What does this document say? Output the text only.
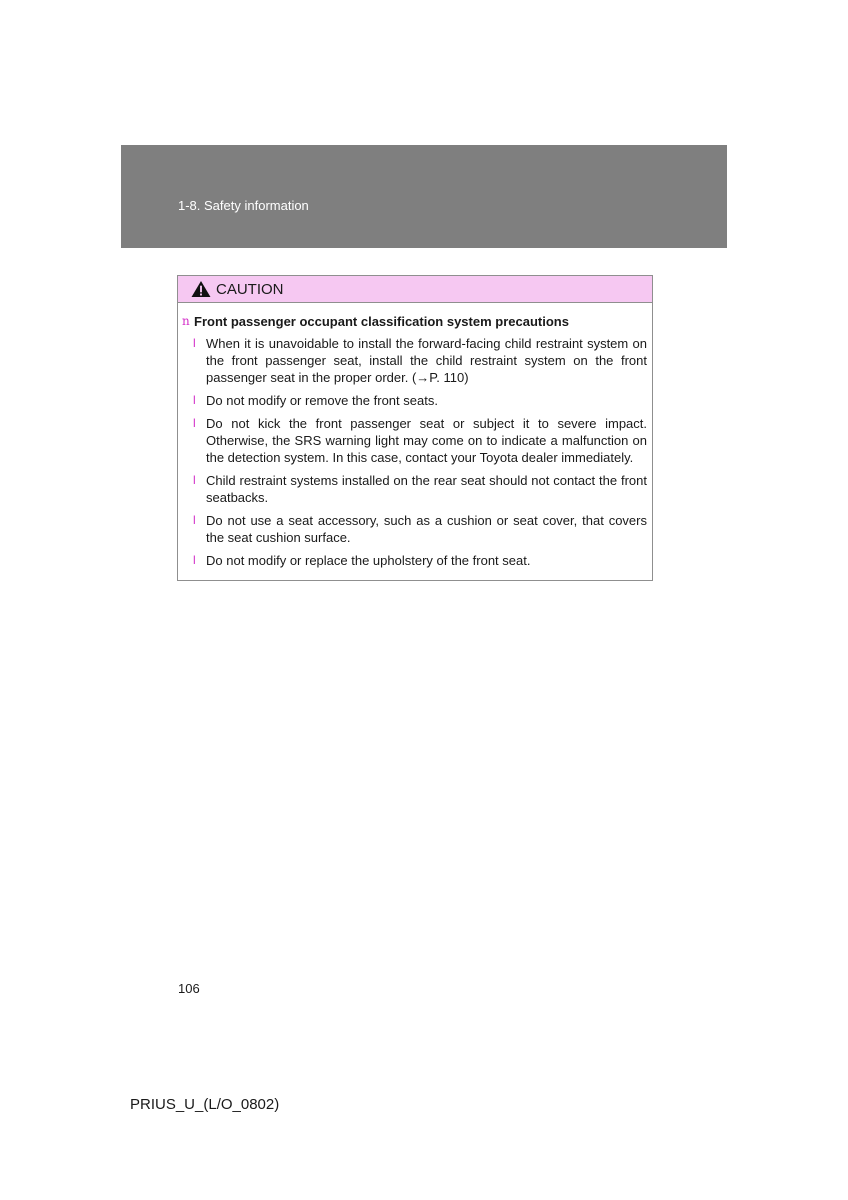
1-8. Safety information
CAUTION
n Front passenger occupant classification system precautions
l When it is unavoidable to install the forward-facing child restraint system on the front passenger seat, install the child restraint system on the front passenger seat in the proper order. (→P. 110)
l Do not modify or remove the front seats.
l Do not kick the front passenger seat or subject it to severe impact. Otherwise, the SRS warning light may come on to indicate a malfunction on the detection system. In this case, contact your Toyota dealer immediately.
l Child restraint systems installed on the rear seat should not contact the front seatbacks.
l Do not use a seat accessory, such as a cushion or seat cover, that covers the seat cushion surface.
l Do not modify or replace the upholstery of the front seat.
106
PRIUS_U_(L/O_0802)
